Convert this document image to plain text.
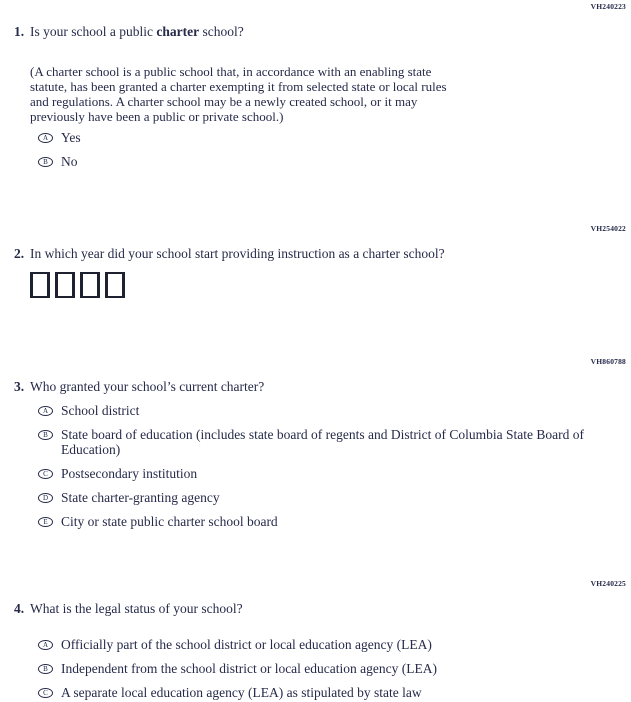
VH240223
1. Is your school a public charter school?
(A charter school is a public school that, in accordance with an enabling state
statute, has been granted a charter exempting it from selected state or local rules
and regulations. A charter school may be a newly created school, or it may
previously have been a public or private school.)
A Yes
B No
VH254022
2. In which year did your school start providing instruction as a charter school?
VH860788
3. Who granted your school’s current charter?
A School district
B State board of education (includes state board of regents and District of Columbia State Board of Education)
C Postsecondary institution
D State charter-granting agency
E City or state public charter school board
VH240225
4. What is the legal status of your school?
A Officially part of the school district or local education agency (LEA)
B Independent from the school district or local education agency (LEA)
C A separate local education agency (LEA) as stipulated by state law
